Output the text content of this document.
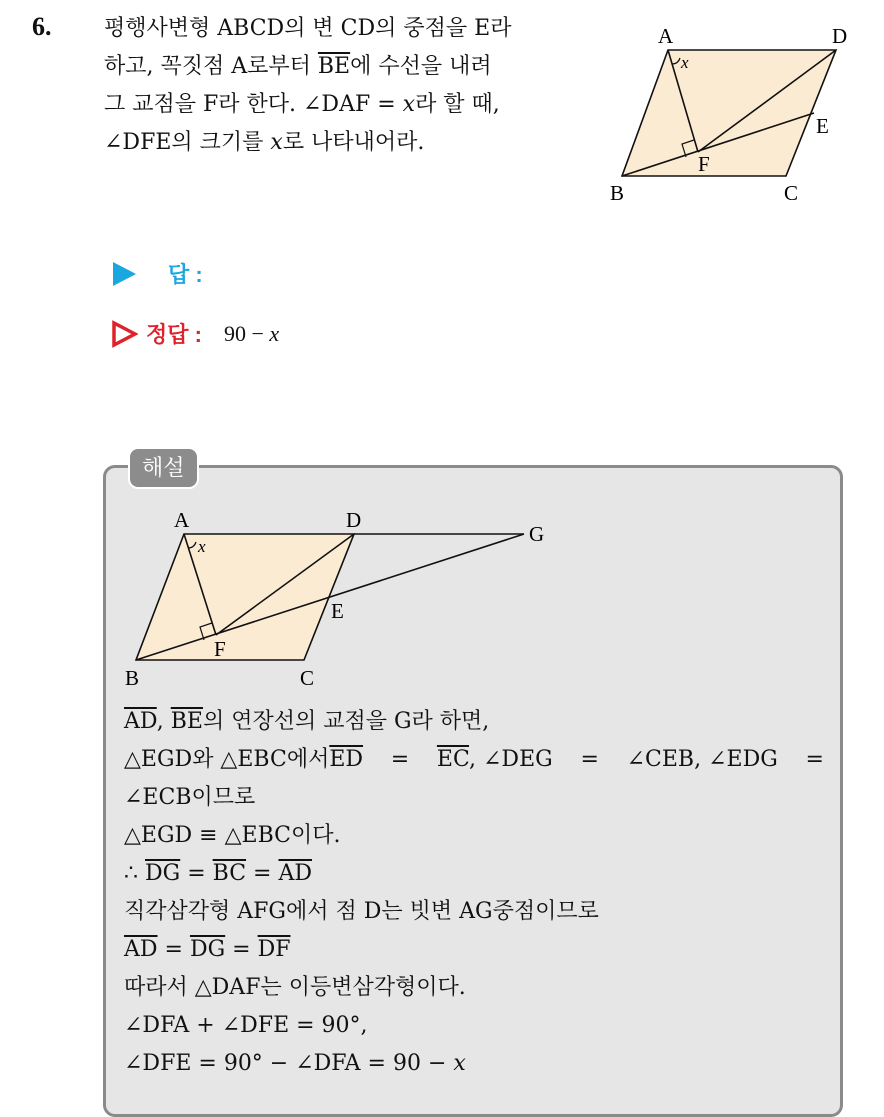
6. 평행사변형 ABCD의 변 CD의 중점을 E라

하고, 꼭짓점 A로부터 $\overline{BE}$에 수선을 내려

그 교점을 F라 한다. ∠DAF = x라 할 때,

∠DFE의 크기를 x로 나타내어라.

A	D
E
F
B	C
x
답 :
정답 : 90 − x
해설
A	D
G
E
F
B	C
x

$\overline{AD}$, $\overline{BE}$의 연장선의 교점을 G라 하면,

△EGD와 △EBC에서$\overline{ED} = \overline{EC}$, ∠DEG = ∠CEB, ∠EDG =

∠ECB이므로

△EGD ≡ △EBC이다.

∴ $\overline{DG} = \overline{BC} = \overline{AD}$

직각삼각형 AFG에서 점 D는 빗변 AG중점이므로

$\overline{AD} = \overline{DG} = \overline{DF}$

따라서 △DAF는 이등변삼각형이다.

∠DFA + ∠DFE = 90°,

∠DFE = 90° − ∠DFA = 90 − x
